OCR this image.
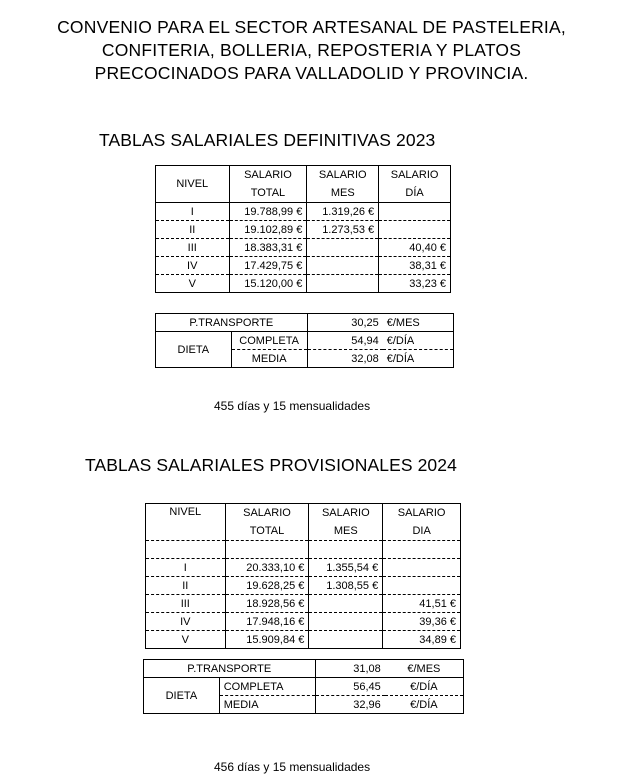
CONVENIO PARA EL SECTOR ARTESANAL DE PASTELERIA,
CONFITERIA, BOLLERIA, REPOSTERIA Y PLATOS
PRECOCINADOS PARA VALLADOLID Y PROVINCIA.
TABLAS SALARIALES DEFINITIVAS 2023
NIVEL	SALARIO	SALARIO	SALARIO
	TOTAL	MES	DÍA
I	19.788,99 €	1.319,26 €	
II	19.102,89 €	1.273,53 €	
III	18.383,31 €		40,40 €
IV	17.429,75 €		38,31 €
V	15.120,00 €		33,23 €
P.TRANSPORTE		30,25	€/MES
DIETA	COMPLETA	54,94	€/DÍA
	MEDIA	32,08	€/DÍA
455 días y 15 mensualidades
TABLAS SALARIALES PROVISIONALES 2024
NIVEL	SALARIO	SALARIO	SALARIO
	TOTAL	MES	DIA

I	20.333,10 €	1.355,54 €	
II	19.628,25 €	1.308,55 €	
III	18.928,56 €		41,51 €
IV	17.948,16 €		39,36 €
V	15.909,84 €		34,89 €
P.TRANSPORTE		31,08	€/MES
DIETA	COMPLETA	56,45	€/DÍA
	MEDIA	32,96	€/DÍA
456 días y 15 mensualidades
